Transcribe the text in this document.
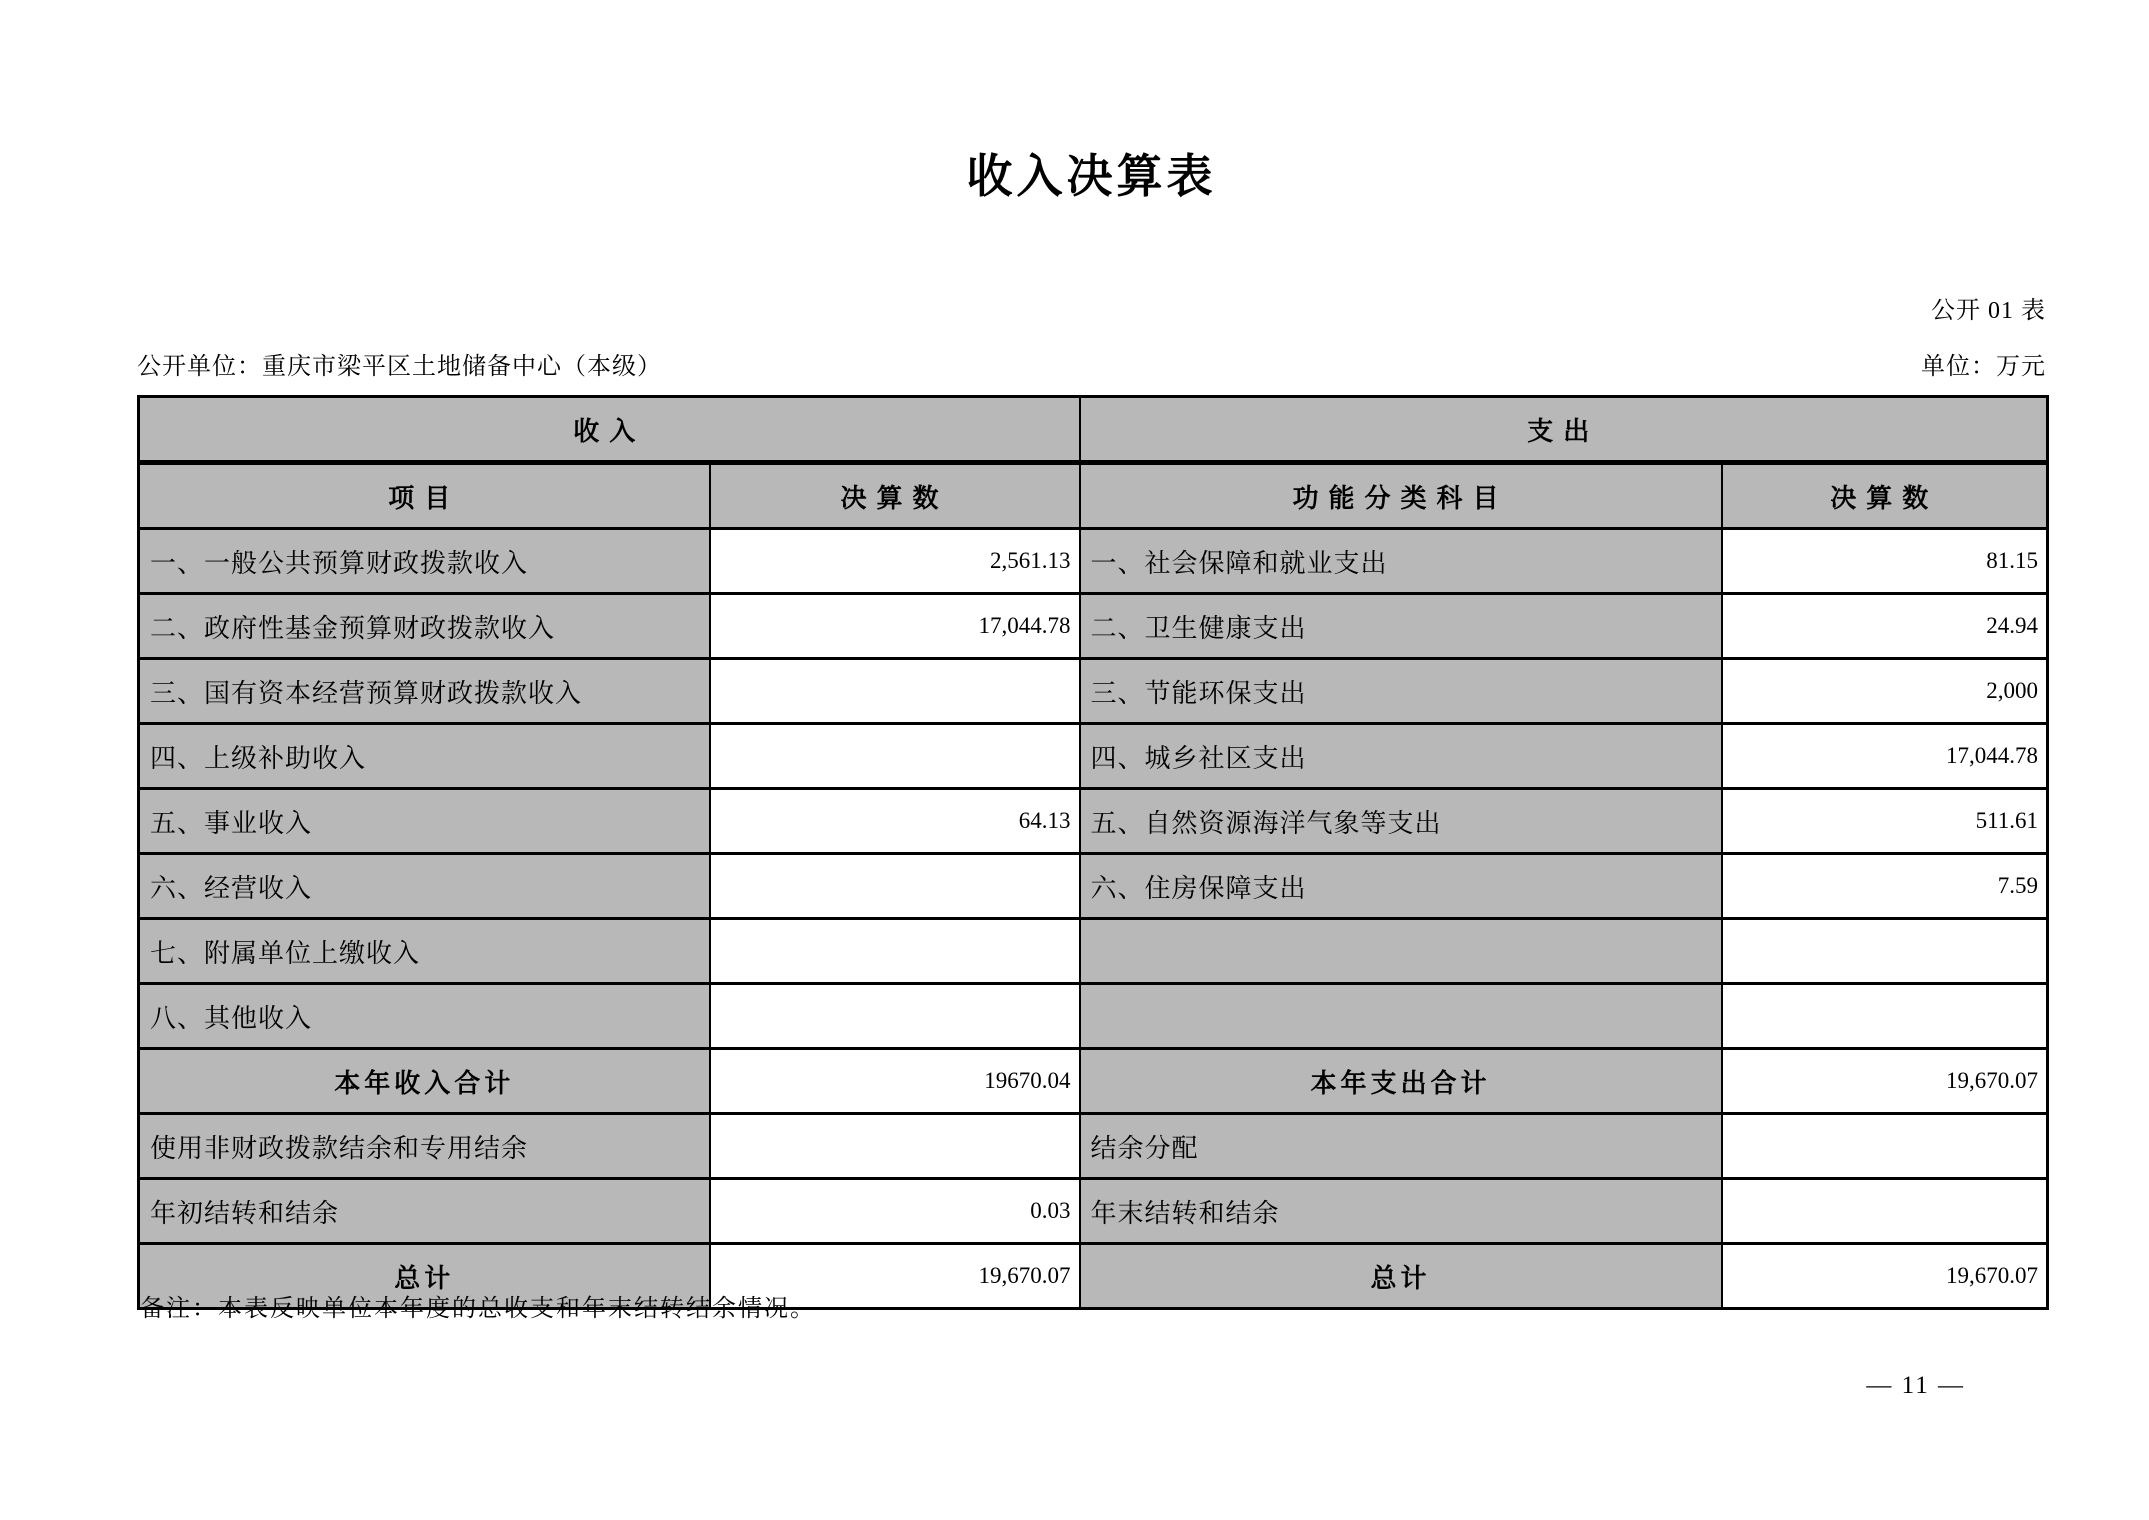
收入决算表
公开 01 表
公开单位：重庆市梁平区土地储备中心（本级）	单位：万元
收入		支出	
项目	决算数	功能分类科目	决算数
一、一般公共预算财政拨款收入	2,561.13	一、社会保障和就业支出	81.15
二、政府性基金预算财政拨款收入	17,044.78	二、卫生健康支出	24.94
三、国有资本经营预算财政拨款收入		三、节能环保支出	2,000
四、上级补助收入		四、城乡社区支出	17,044.78
五、事业收入	64.13	五、自然资源海洋气象等支出	511.61
六、经营收入		六、住房保障支出	7.59
七、附属单位上缴收入			
八、其他收入			
本年收入合计	19670.04	本年支出合计	19,670.07
使用非财政拨款结余和专用结余		结余分配	
年初结转和结余	0.03	年末结转和结余	
总计	19,670.07	总计	19,670.07
备注：本表反映单位本年度的总收支和年末结转结余情况。
— 11 —
